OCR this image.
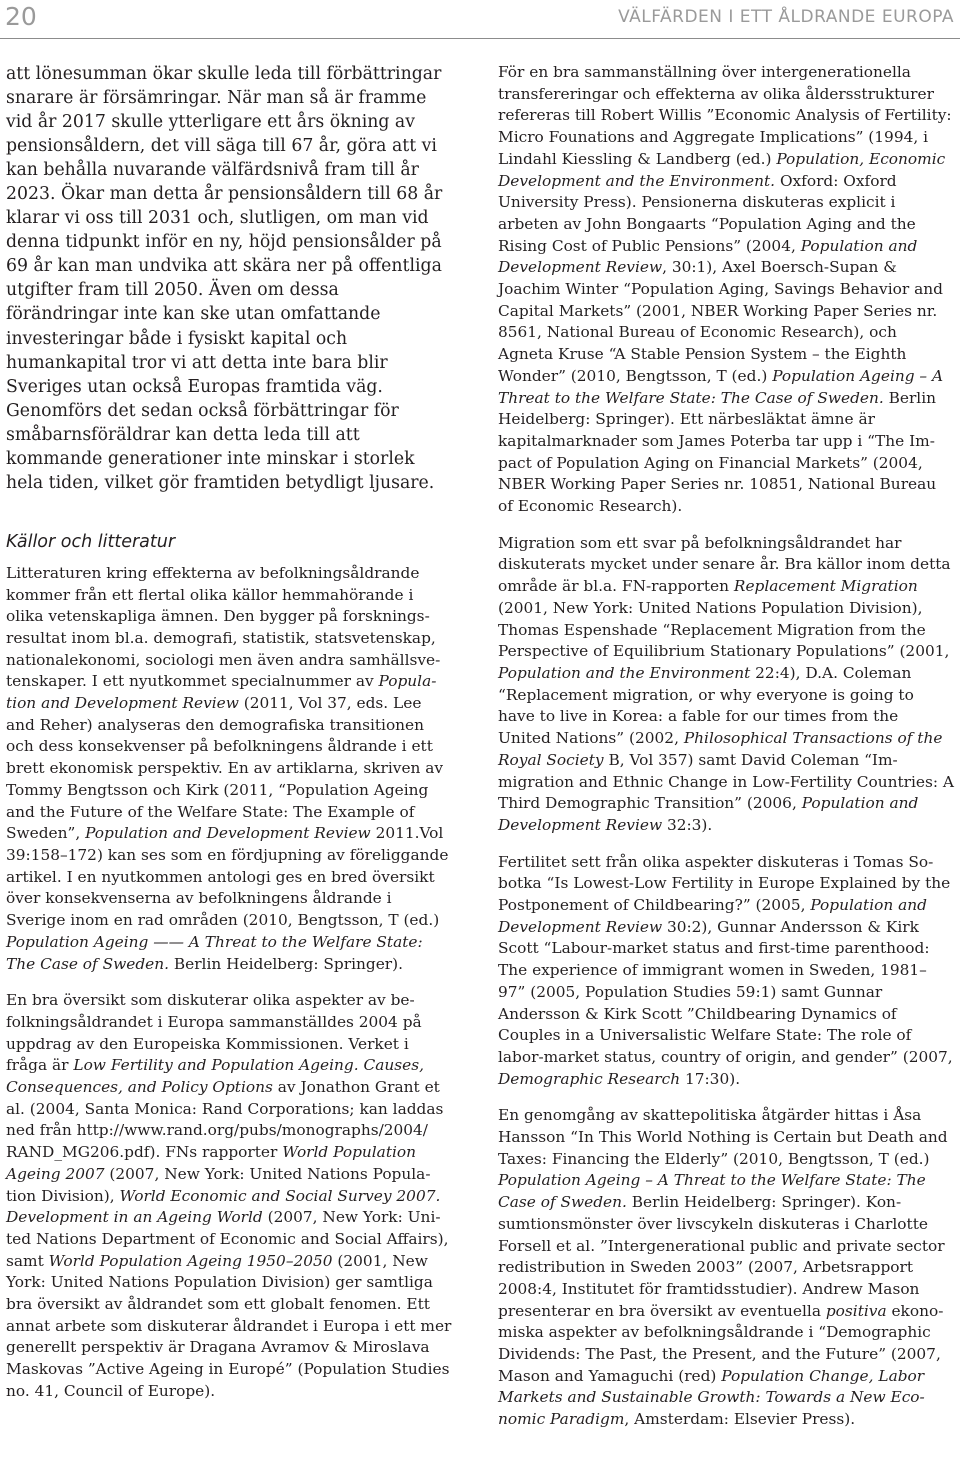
20	VÄLFÄRDEN I ETT ÅLDRANDE EUROPA

att lönesumman ökar skulle leda till förbättringar snarare är försämringar. När man så är framme vid år 2017 skulle ytterligare ett års ökning av pensionsåldern, det vill säga till 67 år, göra att vi kan behålla nuvarande välfärdsnivå fram till år 2023. Ökar man detta år pensionsåldern till 68 år klarar vi oss till 2031 och, slutligen, om man vid denna tidpunkt inför en ny, höjd pensionsålder på 69 år kan man undvika att skära ner på offentliga utgifter fram till 2050. Även om dessa förändringar inte kan ske utan omfattande investeringar både i fysiskt kapital och humankapital tror vi att detta inte bara blir Sveriges utan också Europas framtida väg. Genomförs det sedan också förbättringar för småbarnsföräldrar kan detta leda till att kommande generationer inte minskar i storlek hela tiden, vilket gör framtiden betydligt ljusare.

Källor och litteratur

Litteraturen kring effekterna av befolkningsåldrande kommer från ett flertal olika källor hemmahörande i olika vetenskapliga ämnen. Den bygger på forskningsresultat inom bl.a. demografi, statistik, statsvetenskap, nationalekonomi, sociologi men även andra samhällsvetenskaper. I ett nyutkommet specialnummer av Population and Development Review (2011, Vol 37, eds. Lee and Reher) analyseras den demografiska transitionen och dess konsekvenser på befolkningens åldrande i ett brett ekonomisk perspektiv. En av artiklarna, skriven av Tommy Bengtsson och Kirk (2011, “Population Ageing and the Future of the Welfare State: The Example of Sweden”, Population and Development Review 2011.Vol 39:158–172) kan ses som en fördjupning av föreliggande artikel. I en nyutkommen antologi ges en bred översikt över konsekvenserna av befolkningens åldrande i Sverige inom en rad områden (2010, Bengtsson, T (ed.) Population Ageing —— A Threat to the Welfare State: The Case of Sweden. Berlin Heidelberg: Springer).

En bra översikt som diskuterar olika aspekter av befolkningsåldrandet i Europa sammanställdes 2004 på uppdrag av den Europeiska Kommissionen. Verket i fråga är Low Fertility and Population Ageing. Causes, Consequences, and Policy Options av Jonathon Grant et al. (2004, Santa Monica: Rand Corporations; kan laddas ned från http://www.rand.org/pubs/monographs/2004/ RAND_MG206.pdf). FNs rapporter World Population Ageing 2007 (2007, New York: United Nations Population Division), World Economic and Social Survey 2007. Development in an Ageing World (2007, New York: United Nations Department of Economic and Social Affairs), samt World Population Ageing 1950–2050 (2001, New York: United Nations Population Division) ger samtliga bra översikt av åldrandet som ett globalt fenomen. Ett annat arbete som diskuterar åldrandet i Europa i ett mer generellt perspektiv är Dragana Avramov & Miroslava Maskovas ”Active Ageing in Europé” (Population Studies no. 41, Council of Europe).

För en bra sammanställning över intergenerationella transfereringar och effekterna av olika åldersstrukturer refereras till Robert Willis ”Economic Analysis of Fertility: Micro Founations and Aggregate Implications” (1994, i Lindahl Kiessling & Landberg (ed.) Population, Economic Development and the Environment. Oxford: Oxford University Press). Pensionerna diskuteras explicit i arbeten av John Bongaarts “Population Aging and the Rising Cost of Public Pensions” (2004, Population and Development Review, 30:1), Axel Boersch-Supan & Joachim Winter “Population Aging, Savings Behavior and Capital Markets” (2001, NBER Working Paper Series nr. 8561, National Bureau of Economic Research), och Agneta Kruse “A Stable Pension System – the Eighth Wonder” (2010, Bengtsson, T (ed.) Population Ageing – A Threat to the Welfare State: The Case of Sweden. Berlin Heidelberg: Springer). Ett närbesläktat ämne är kapitalmarknader som James Poterba tar upp i “The Impact of Population Aging on Financial Markets” (2004, NBER Working Paper Series nr. 10851, National Bureau of Economic Research).

Migration som ett svar på befolkningsåldrandet har diskuterats mycket under senare år. Bra källor inom detta område är bl.a. FN-rapporten Replacement Migration (2001, New York: United Nations Population Division), Thomas Espenshade “Replacement Migration from the Perspective of Equilibrium Stationary Populations” (2001, Population and the Environment 22:4), D.A. Coleman “Replacement migration, or why everyone is going to have to live in Korea: a fable for our times from the United Nations” (2002, Philosophical Transactions of the Royal Society B, Vol 357) samt David Coleman “Immigration and Ethnic Change in Low-Fertility Countries: A Third Demographic Transition” (2006, Population and Development Review 32:3).

Fertilitet sett från olika aspekter diskuteras i Tomas Sobotka “Is Lowest-Low Fertility in Europe Explained by the Postponement of Childbearing?” (2005, Population and Development Review 30:2), Gunnar Andersson & Kirk Scott “Labour-market status and first-time parenthood: The experience of immigrant women in Sweden, 1981–97” (2005, Population Studies 59:1) samt Gunnar Andersson & Kirk Scott ”Childbearing Dynamics of Couples in a Universalistic Welfare State: The role of labor-market status, country of origin, and gender” (2007, Demographic Research 17:30).

En genomgång av skattepolitiska åtgärder hittas i Åsa Hansson “In This World Nothing is Certain but Death and Taxes: Financing the Elderly” (2010, Bengtsson, T (ed.) Population Ageing – A Threat to the Welfare State: The Case of Sweden. Berlin Heidelberg: Springer). Konsumtionsmönster över livscykeln diskuteras i Charlotte Forsell et al. ”Intergenerational public and private sector redistribution in Sweden 2003” (2007, Arbetsrapport 2008:4, Institutet för framtidsstudier). Andrew Mason presenterar en bra översikt av eventuella positiva ekonomiska aspekter av befolkningsåldrande i “Demographic Dividends: The Past, the Present, and the Future” (2007, Mason and Yamaguchi (red) Population Change, Labor Markets and Sustainable Growth: Towards a New Economic Paradigm, Amsterdam: Elsevier Press).
